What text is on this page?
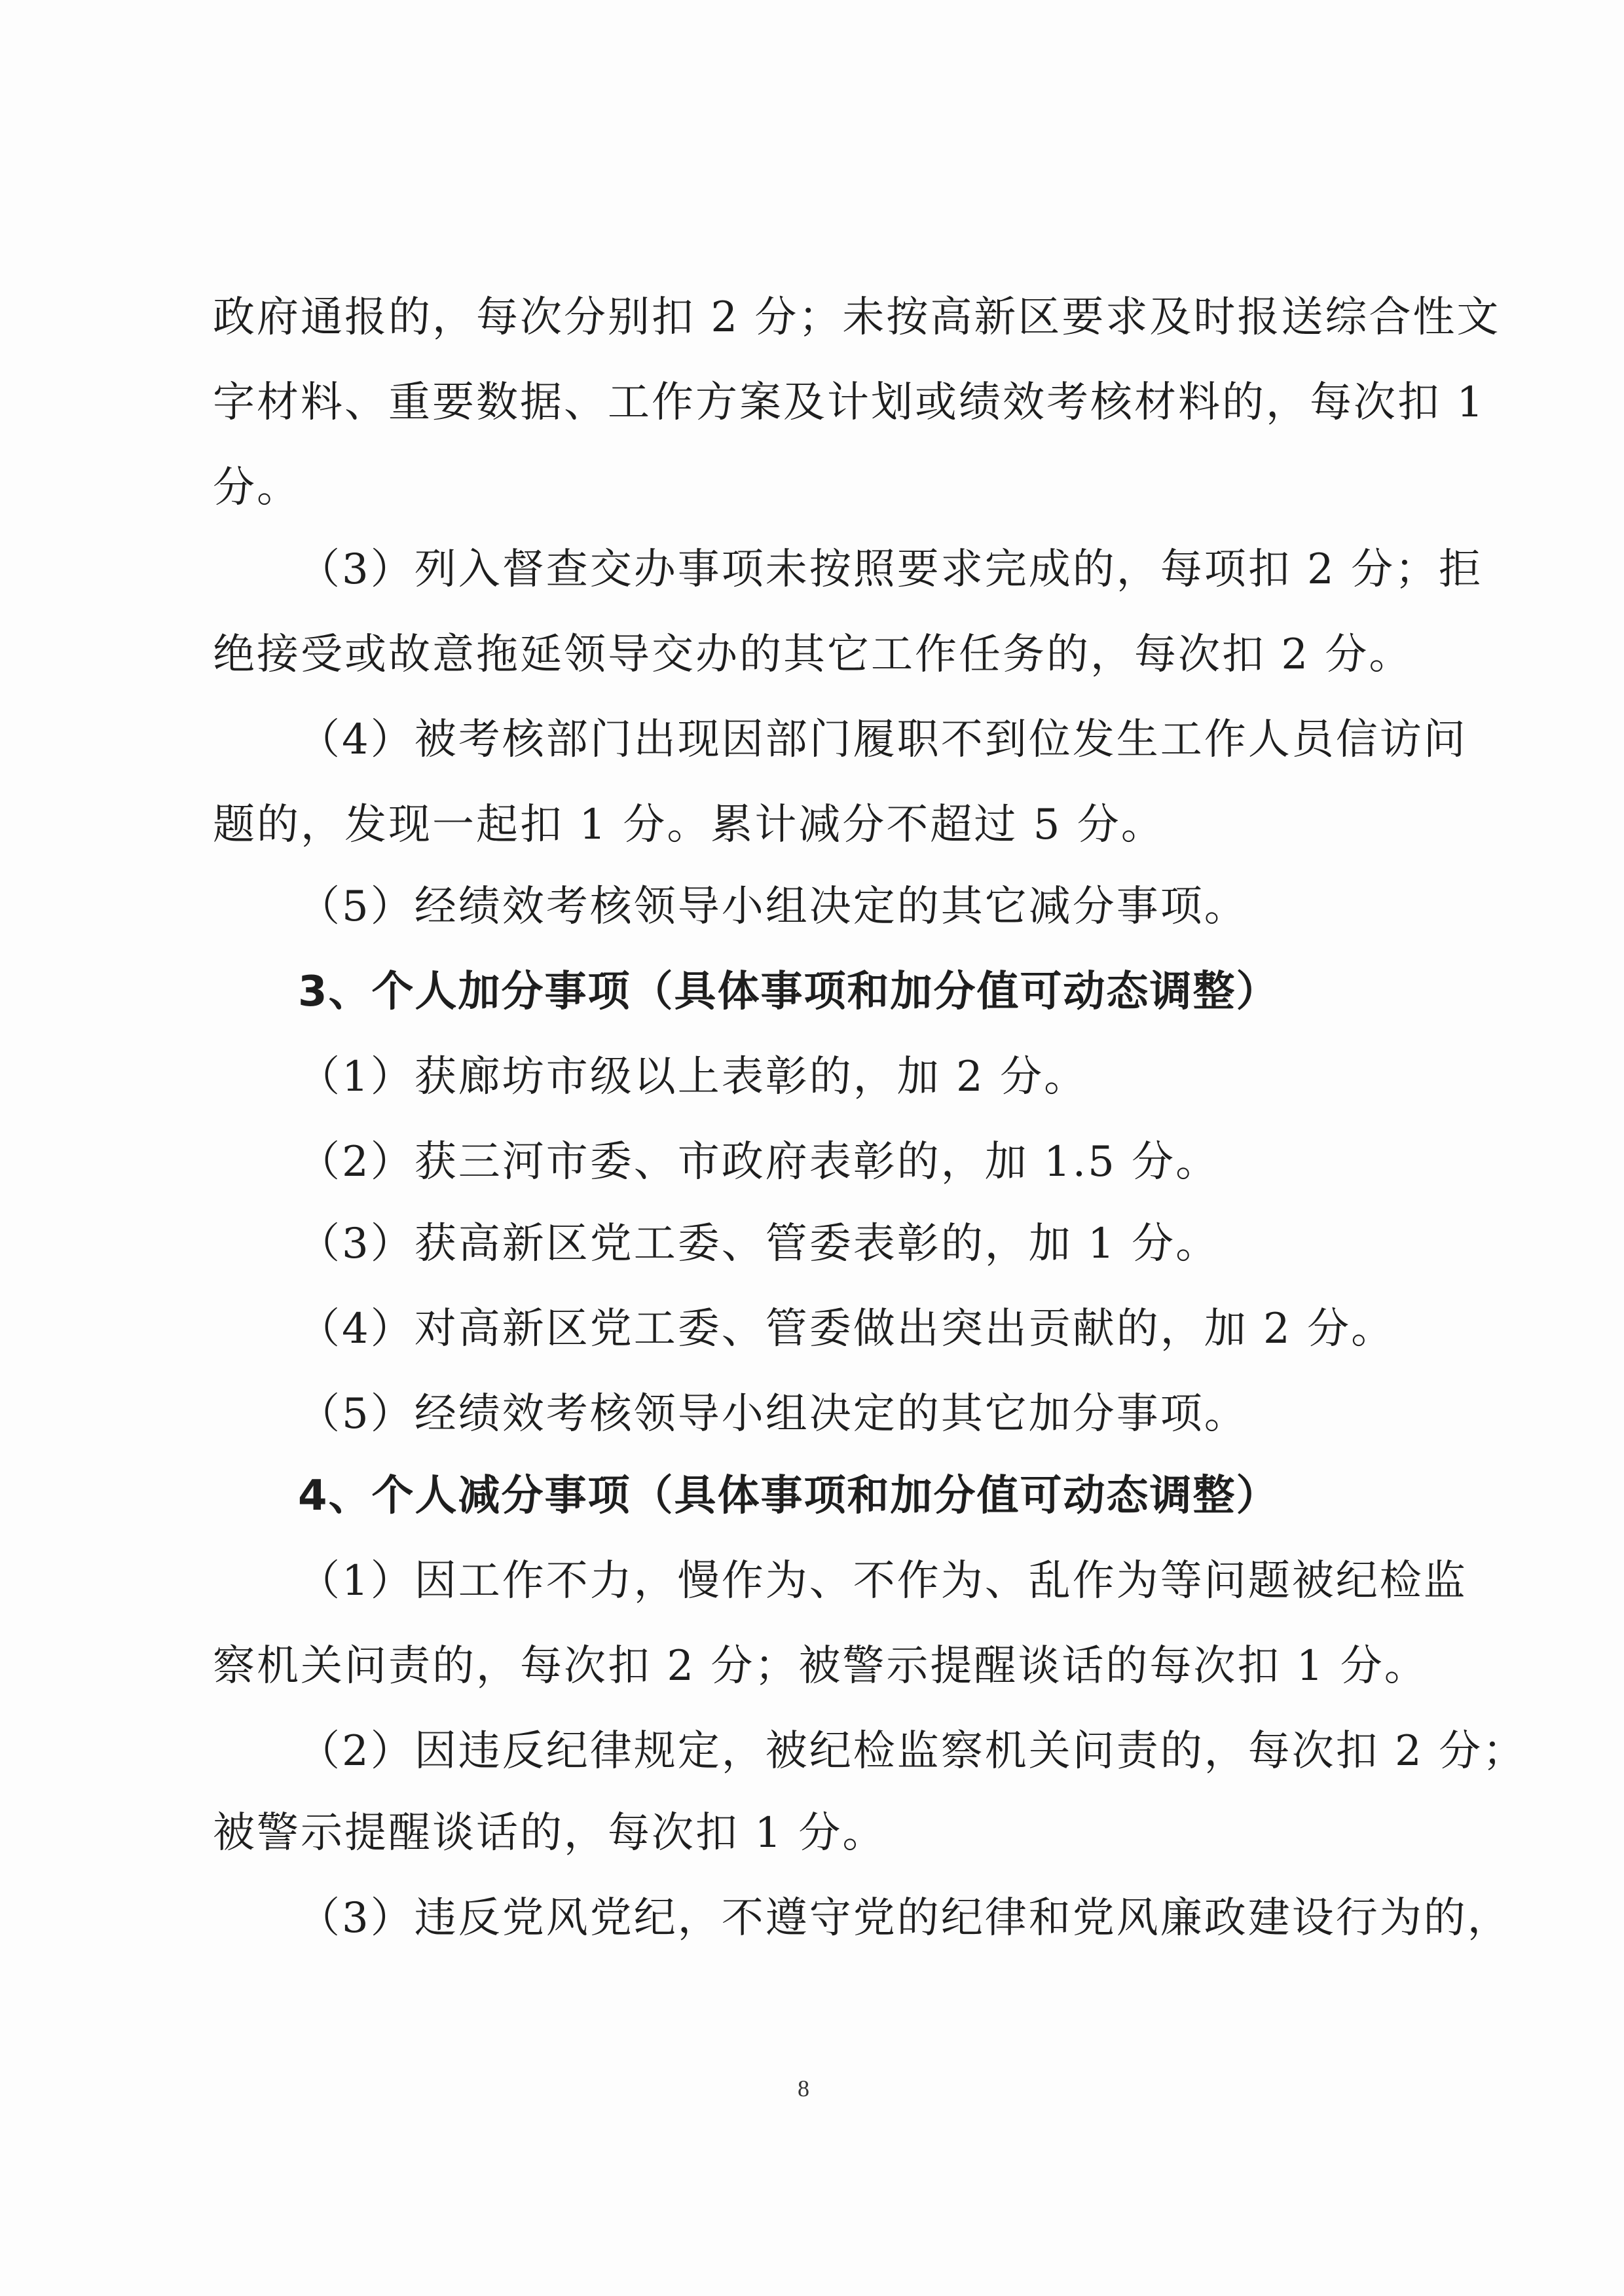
政府通报的，每次分别扣 2 分；未按高新区要求及时报送综合性文
字材料、重要数据、工作方案及计划或绩效考核材料的，每次扣 1
分。
（3）列入督查交办事项未按照要求完成的，每项扣 2 分；拒
绝接受或故意拖延领导交办的其它工作任务的，每次扣 2 分。
（4）被考核部门出现因部门履职不到位发生工作人员信访问
题的，发现一起扣 1 分。累计减分不超过 5 分。
（5）经绩效考核领导小组决定的其它减分事项。
3、个人加分事项（具体事项和加分值可动态调整）
（1）获廊坊市级以上表彰的，加 2 分。
（2）获三河市委、市政府表彰的，加 1.5 分。
（3）获高新区党工委、管委表彰的，加 1 分。
（4）对高新区党工委、管委做出突出贡献的，加 2 分。
（5）经绩效考核领导小组决定的其它加分事项。
4、个人减分事项（具体事项和加分值可动态调整）
（1）因工作不力，慢作为、不作为、乱作为等问题被纪检监
察机关问责的，每次扣 2 分；被警示提醒谈话的每次扣 1 分。
（2）因违反纪律规定，被纪检监察机关问责的，每次扣 2 分；
被警示提醒谈话的，每次扣 1 分。
（3）违反党风党纪，不遵守党的纪律和党风廉政建设行为的，
8
